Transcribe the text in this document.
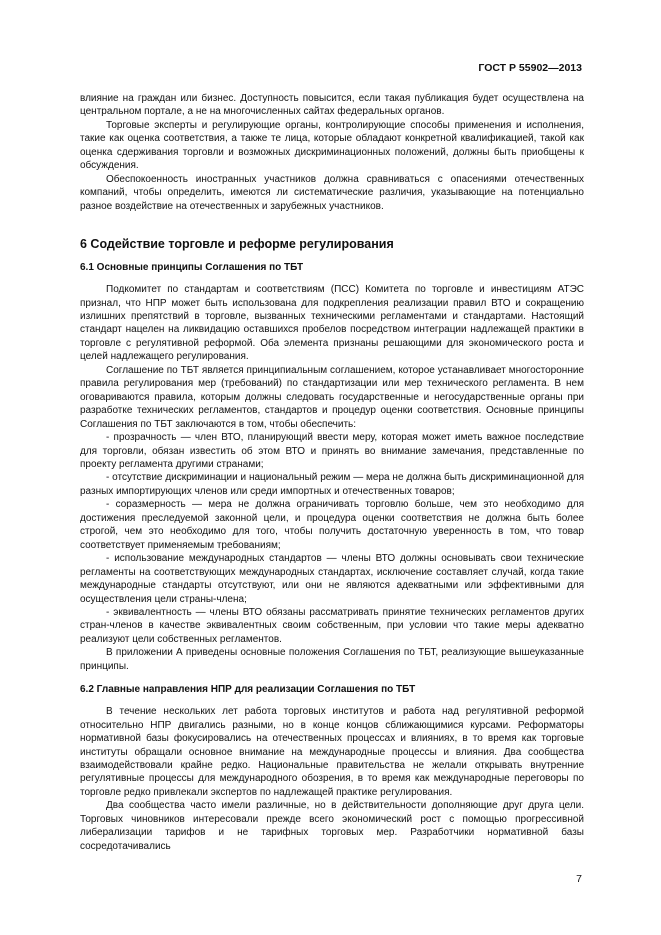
ГОСТ Р 55902—2013

влияние на граждан или бизнес. Доступность повысится, если такая публикация будет осуществлена на центральном портале, а не на многочисленных сайтах федеральных органов.

Торговые эксперты и регулирующие органы, контролирующие способы применения и исполнения, такие как оценка соответствия, а также те лица, которые обладают конкретной квалификацией, такой как оценка сдерживания торговли и возможных дискриминационных положений, должны быть приобщены к обсуждения.

Обеспокоенность иностранных участников должна сравниваться с опасениями отечественных компаний, чтобы определить, имеются ли систематические различия, указывающие на потенциально разное воздействие на отечественных и зарубежных участников.

6 Содействие торговле и реформе регулирования
6.1 Основные принципы Соглашения по ТБТ

Подкомитет по стандартам и соответствиям (ПСС) Комитета по торговле и инвестициям АТЭС признал, что НПР может быть использована для подкрепления реализации правил ВТО и сокращению излишних препятствий в торговле, вызванных техническими регламентами и стандартами. Настоящий стандарт нацелен на ликвидацию оставшихся пробелов посредством интеграции надлежащей практики в торговле с регулятивной реформой. Оба элемента признаны решающими для экономического роста и целей надлежащего регулирования.

Соглашение по ТБТ является принципиальным соглашением, которое устанавливает многосторонние правила регулирования мер (требований) по стандартизации или мер технического регламента. В нем оговариваются правила, которым должны следовать государственные и негосударственные органы при разработке технических регламентов, стандартов и процедур оценки соответствия. Основные принципы Соглашения по ТБТ заключаются в том, чтобы обеспечить:

- прозрачность — член ВТО, планирующий ввести меру, которая может иметь важное последствие для торговли, обязан известить об этом ВТО и принять во внимание замечания, представленные по проекту регламента другими странами;

- отсутствие дискриминации и национальный режим — мера не должна быть дискриминационной для разных импортирующих членов или среди импортных и отечественных товаров;

- соразмерность — мера не должна ограничивать торговлю больше, чем это необходимо для достижения преследуемой законной цели, и процедура оценки соответствия не должна быть более строгой, чем это необходимо для того, чтобы получить достаточную уверенность в том, что товар соответствует применяемым требованиям;

- использование международных стандартов — члены ВТО должны основывать свои технические регламенты на соответствующих международных стандартах, исключение составляет случай, когда такие международные стандарты отсутствуют, или они не являются адекватными или эффективными для осуществления цели страны-члена;

- эквивалентность — члены ВТО обязаны рассматривать принятие технических регламентов других стран-членов в качестве эквивалентных своим собственным, при условии что такие меры адекватно реализуют цели собственных регламентов.

В приложении А приведены основные положения Соглашения по ТБТ, реализующие вышеуказанные принципы.

6.2 Главные направления НПР для реализации Соглашения по ТБТ

В течение нескольких лет работа торговых институтов и работа над регулятивной реформой относительно НПР двигались разными, но в конце концов сближающимися курсами. Реформаторы нормативной базы фокусировались на отечественных процессах и влияниях, в то время как торговые институты обращали основное внимание на международные процессы и влияния. Два сообщества взаимодействовали крайне редко. Национальные правительства не желали открывать внутренние регулятивные процессы для международного обозрения, в то время как международные переговоры по торговле редко привлекали экспертов по надлежащей практике регулирования.

Два сообщества часто имели различные, но в действительности дополняющие друг друга цели. Торговых чиновников интересовали прежде всего экономический рост с помощью прогрессивной либерализации тарифов и не тарифных торговых мер. Разработчики нормативной базы сосредотачивались

7
